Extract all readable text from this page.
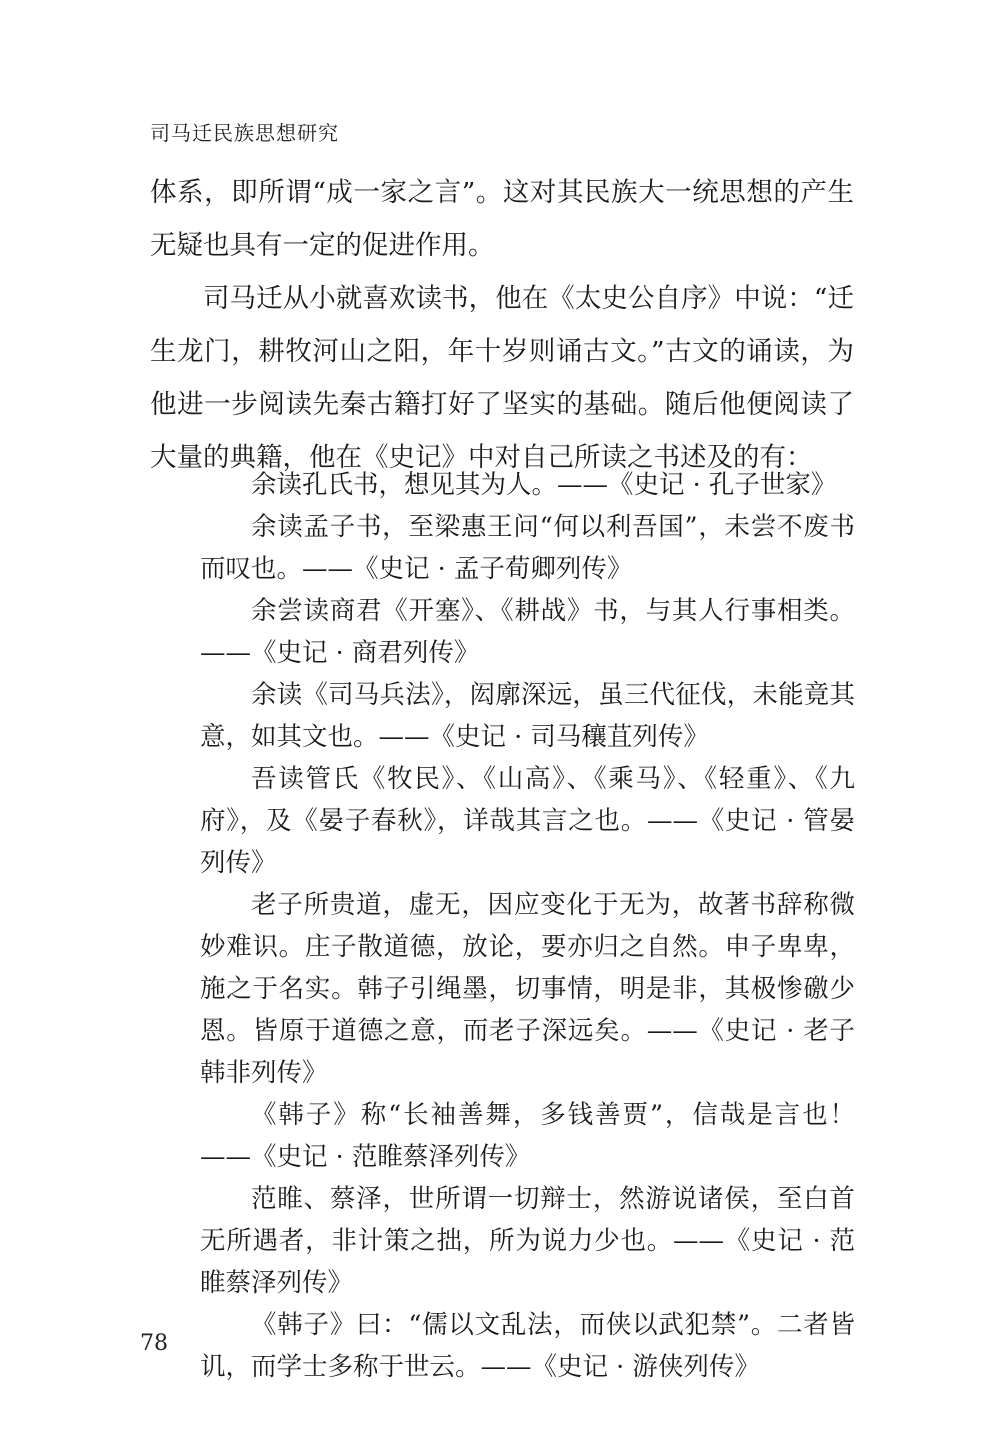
司马迁民族思想研究

体系，即所谓“成一家之言”。这对其民族大一统思想的产生无疑也具有一定的促进作用。

司马迁从小就喜欢读书，他在《太史公自序》中说：“迁生龙门，耕牧河山之阳，年十岁则诵古文。”古文的诵读，为他进一步阅读先秦古籍打好了坚实的基础。随后他便阅读了大量的典籍，他在《史记》中对自己所读之书述及的有：

余读孔氏书，想见其为人。——《史记 · 孔子世家》

余读孟子书，至梁惠王问“何以利吾国”，未尝不废书而叹也。——《史记 · 孟子荀卿列传》

余尝读商君《开塞》、《耕战》书，与其人行事相类。——《史记 · 商君列传》

余读《司马兵法》，闳廓深远，虽三代征伐，未能竟其意，如其文也。——《史记 · 司马穰苴列传》

吾读管氏《牧民》、《山高》、《乘马》、《轻重》、《九府》，及《晏子春秋》，详哉其言之也。——《史记 · 管晏列传》

老子所贵道，虚无，因应变化于无为，故著书辞称微妙难识。庄子散道德，放论，要亦归之自然。申子卑卑，施之于名实。韩子引绳墨，切事情，明是非，其极惨礉少恩。皆原于道德之意，而老子深远矣。——《史记 · 老子韩非列传》

《韩子》称“长袖善舞，多钱善贾”，信哉是言也！——《史记 · 范睢蔡泽列传》

范睢、蔡泽，世所谓一切辩士，然游说诸侯，至白首无所遇者，非计策之拙，所为说力少也。——《史记 · 范睢蔡泽列传》

《韩子》曰：“儒以文乱法，而侠以武犯禁”。二者皆讥，而学士多称于世云。——《史记 · 游侠列传》

78
